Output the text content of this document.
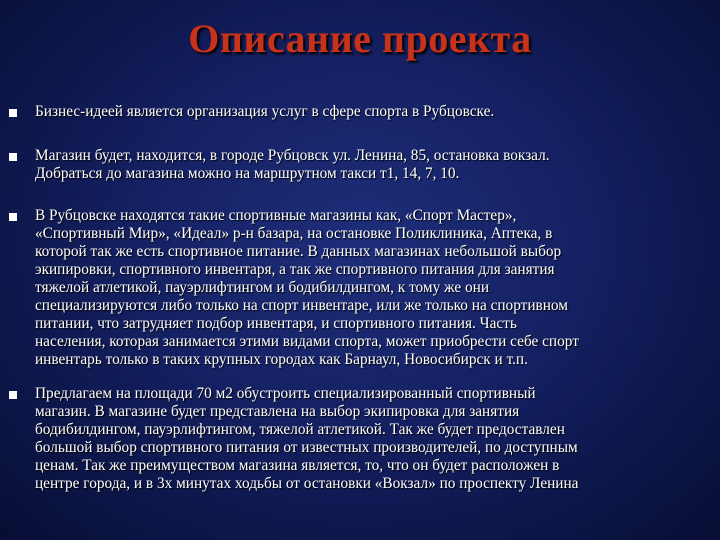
Описание проекта
Бизнес-идеей является организация услуг в сфере спорта в Рубцовске.
Магазин будет, находится, в городе Рубцовск ул. Ленина, 85, остановка вокзал.
Добраться до магазина можно на маршрутном такси т1, 14, 7, 10.
В Рубцовске находятся такие спортивные магазины как, «Спорт Мастер»,
«Спортивный Мир», «Идеал» р-н базара, на остановке Поликлиника, Аптека, в
которой так же есть спортивное питание. В данных магазинах небольшой выбор
экипировки, спортивного инвентаря, а так же спортивного питания для занятия
тяжелой атлетикой, пауэрлифтингом и бодибилдингом, к тому же они
специализируются либо только на спорт инвентаре, или же только на спортивном
питании, что затрудняет подбор инвентаря, и спортивного питания. Часть
населения, которая занимается этими видами спорта, может приобрести себе спорт
инвентарь только в таких крупных городах как Барнаул, Новосибирск и т.п.
Предлагаем на площади 70 м2 обустроить специализированный спортивный
магазин. В магазине будет представлена на выбор экипировка для занятия
бодибилдингом, пауэрлифтингом, тяжелой атлетикой. Так же будет предоставлен
большой выбор спортивного питания от известных производителей, по доступным
ценам. Так же преимуществом магазина является, то, что он будет расположен в
центре города, и в 3х минутах ходьбы от остановки «Вокзал» по проспекту Ленина
